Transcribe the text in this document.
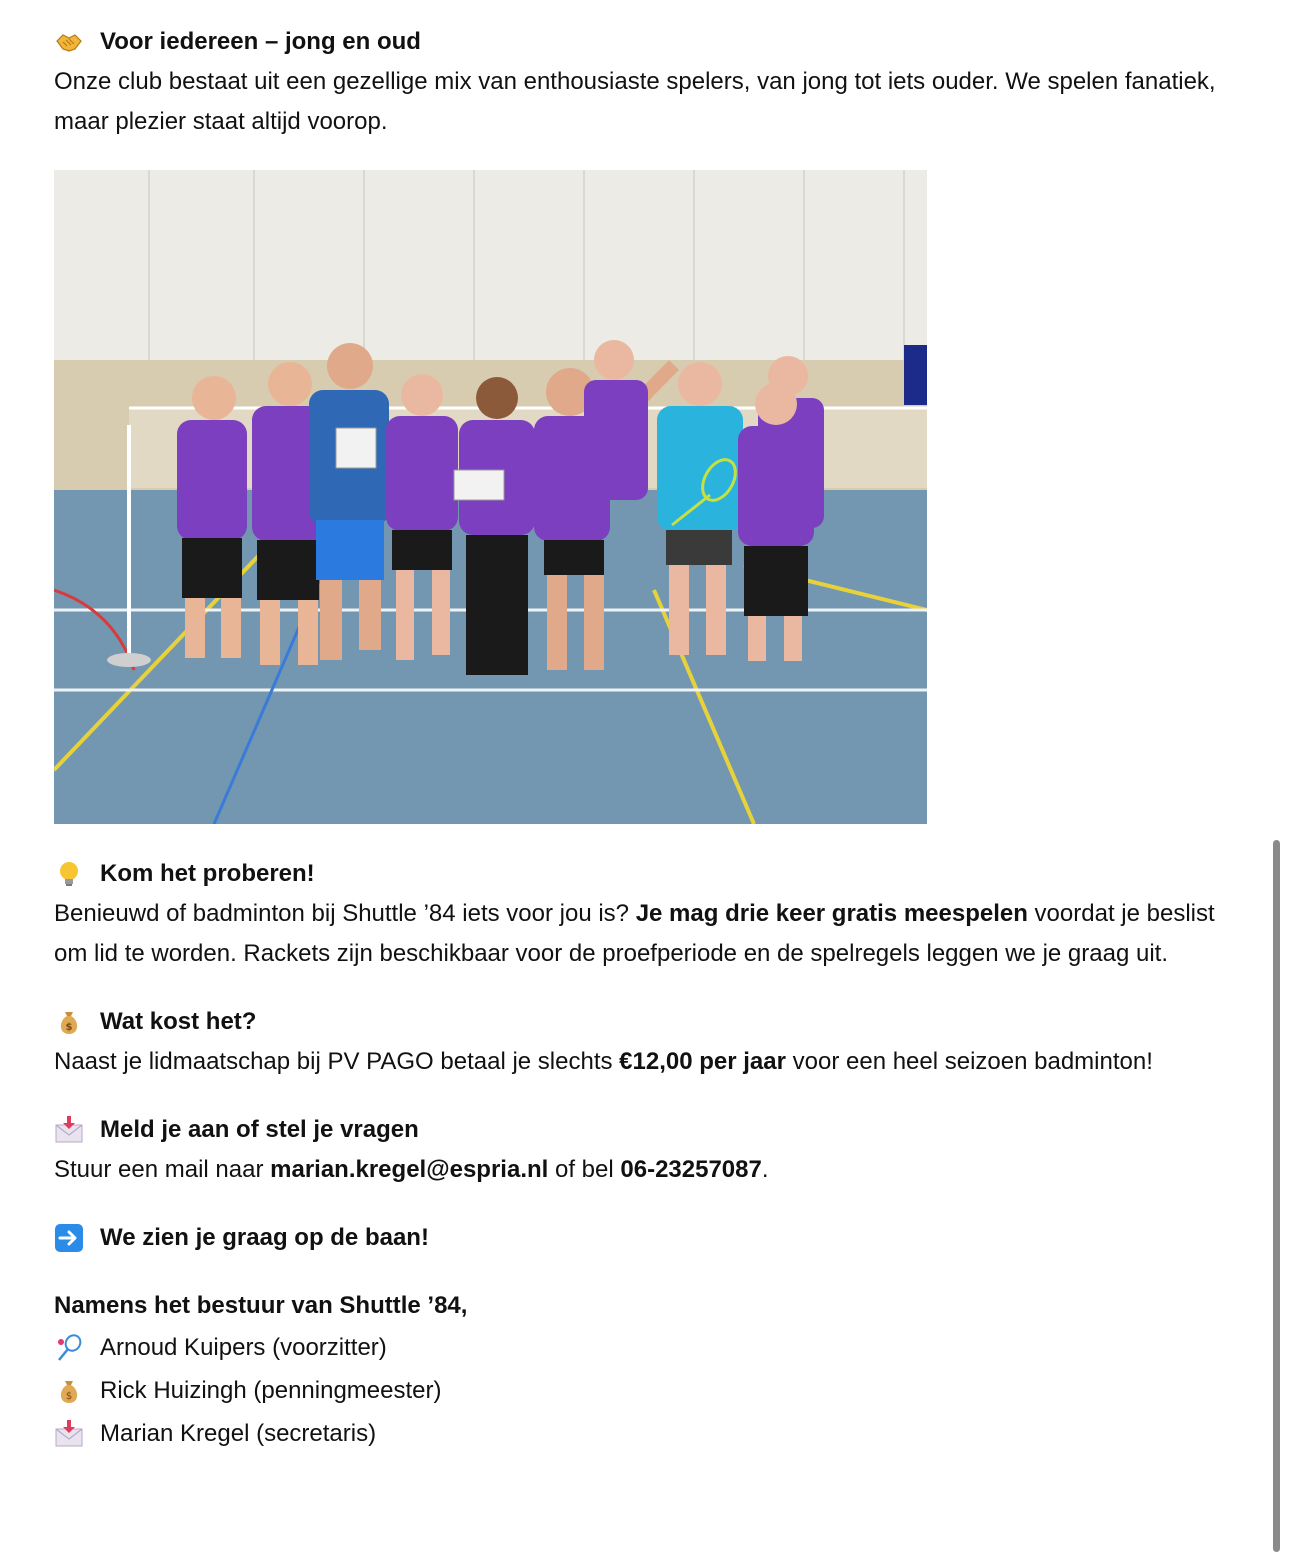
Voor iedereen – jong en oud

Onze club bestaat uit een gezellige mix van enthousiaste spelers, van jong tot iets ouder. We spelen fanatiek, maar plezier staat altijd voorop.

Kom het proberen!

Benieuwd of badminton bij Shuttle ’84 iets voor jou is? Je mag drie keer gratis meespelen voordat je beslist om lid te worden. Rackets zijn beschikbaar voor de proefperiode en de spelregels leggen we je graag uit.

$ Wat kost het?

Naast je lidmaatschap bij PV PAGO betaal je slechts €12,00 per jaar voor een heel seizoen badminton!

Meld je aan of stel je vragen

Stuur een mail naar marian.kregel@espria.nl of bel 06-23257087.

We zien je graag op de baan!

Namens het bestuur van Shuttle ’84,

Arnoud Kuipers (voorzitter)
$ Rick Huizingh (penningmeester)
Marian Kregel (secretaris)
